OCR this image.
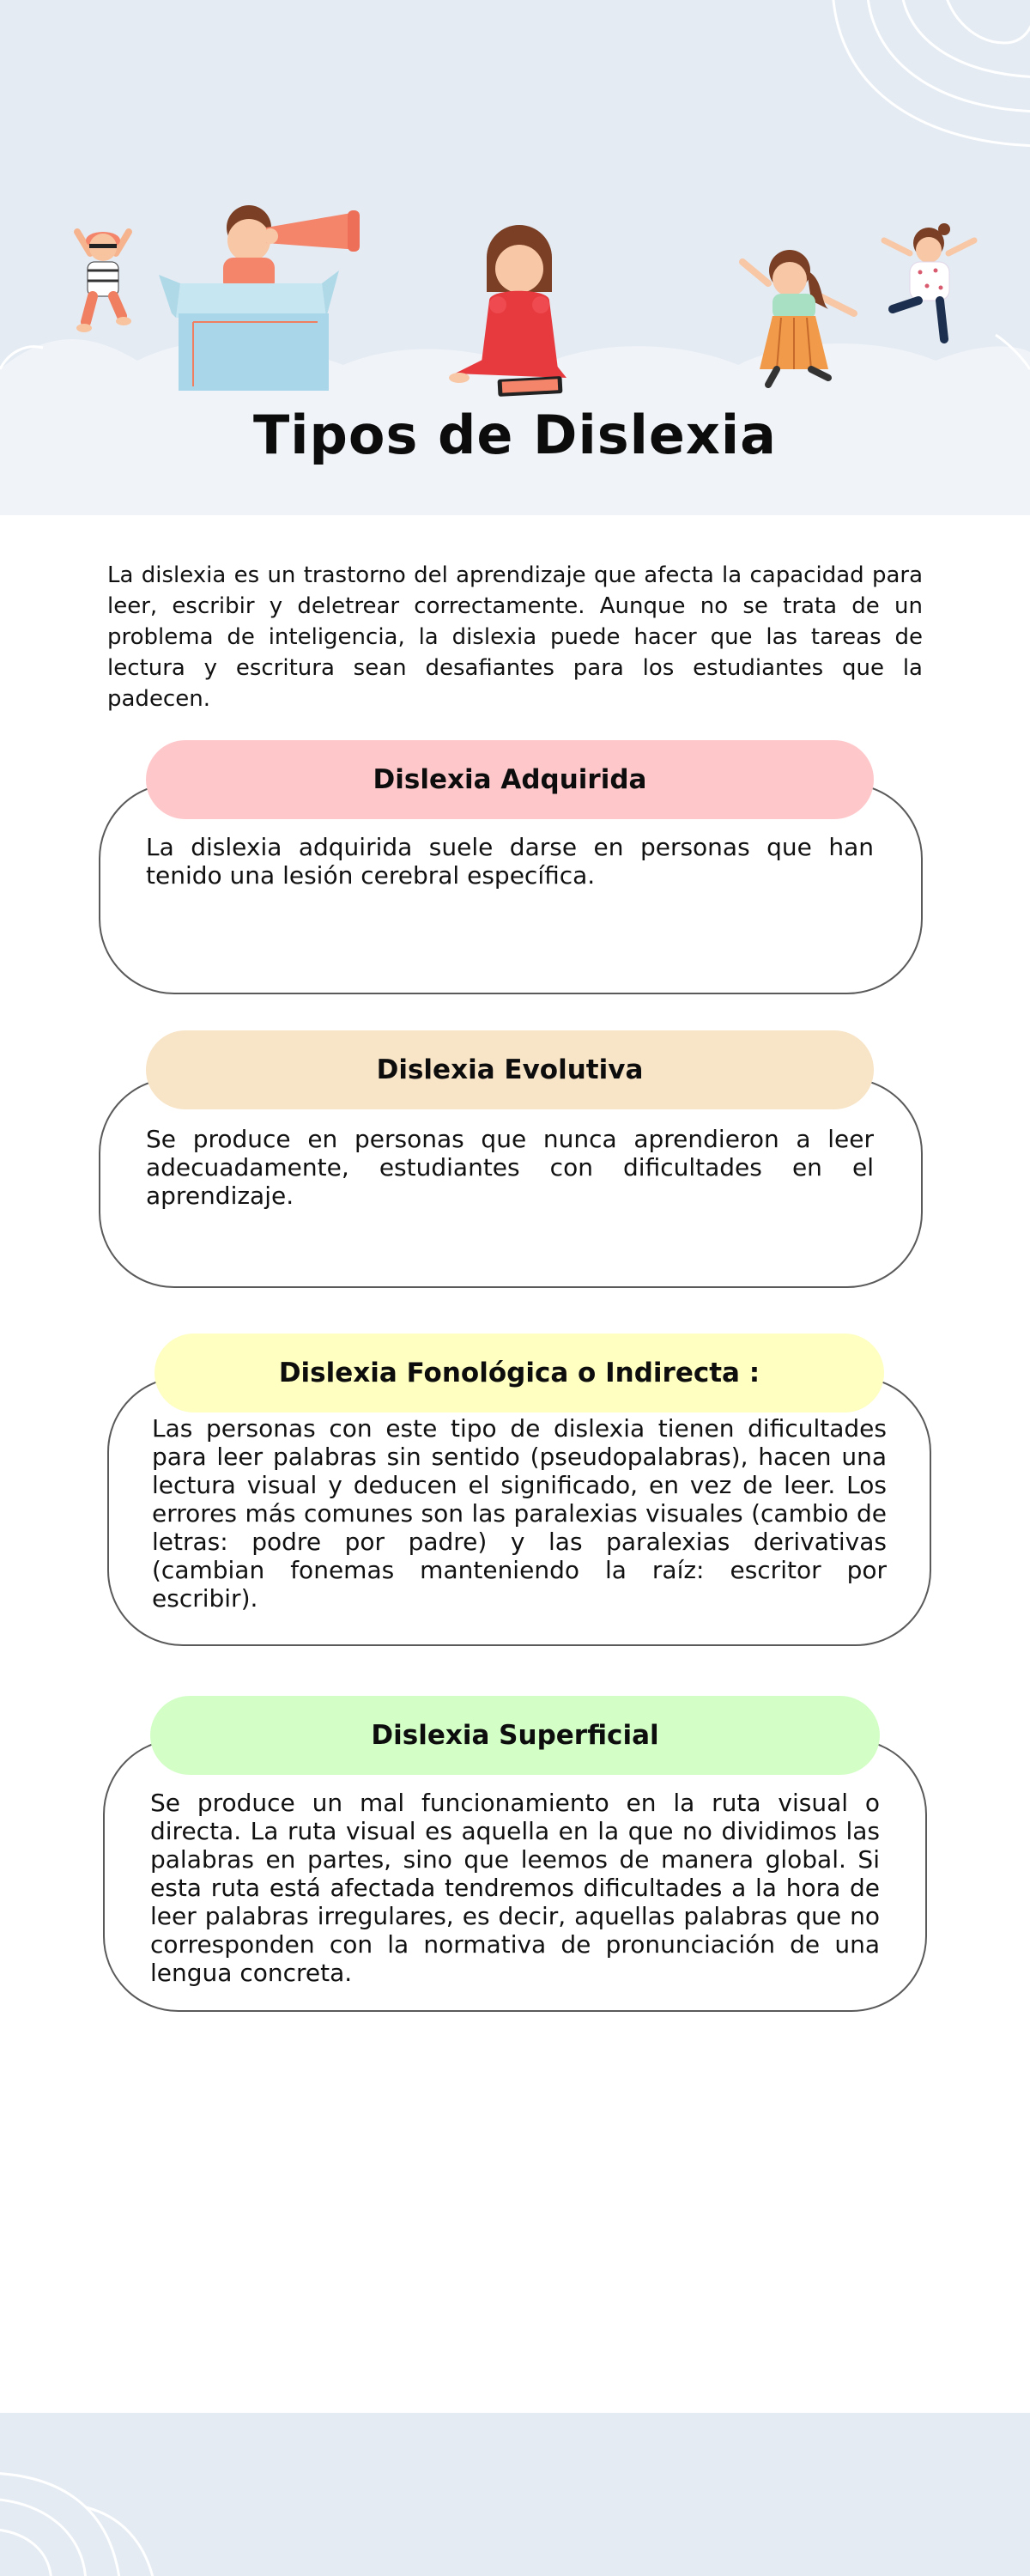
Tipos de Dislexia

La dislexia es un trastorno del aprendizaje que afecta la capacidad para leer, escribir y deletrear correctamente. Aunque no se trata de un problema de inteligencia, la dislexia puede hacer que las tareas de lectura y escritura sean desafiantes para los estudiantes que la padecen.

Dislexia Adquirida

La dislexia adquirida suele darse en personas que han tenido una lesión cerebral específica.

Dislexia Evolutiva

Se produce en personas que nunca aprendieron a leer adecuadamente, estudiantes con dificultades en el aprendizaje.

Dislexia Fonológica o Indirecta :

Las personas con este tipo de dislexia tienen dificultades para leer palabras sin sentido (pseudopalabras), hacen una lectura visual y deducen el significado, en vez de leer. Los errores más comunes son las paralexias visuales (cambio de letras: podre por padre) y las paralexias derivativas (cambian fonemas manteniendo la raíz: escritor por escribir).

Dislexia Superficial

Se produce un mal funcionamiento en la ruta visual o directa. La ruta visual es aquella en la que no dividimos las palabras en partes, sino que leemos de manera global. Si esta ruta está afectada tendremos dificultades a la hora de leer palabras irregulares, es decir, aquellas palabras que no corresponden con la normativa de pronunciación de una lengua concreta.
